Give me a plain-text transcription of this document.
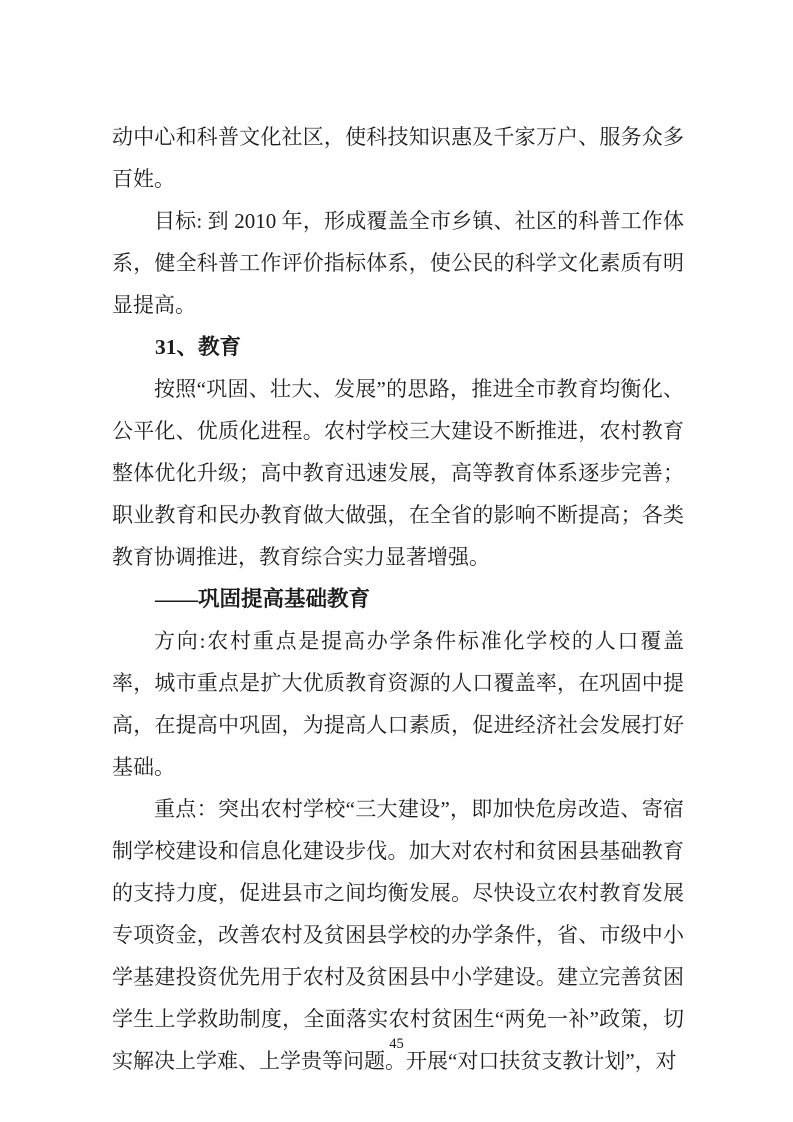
动中心和科普文化社区，使科技知识惠及千家万户、服务众多百姓。

目标: 到 2010 年，形成覆盖全市乡镇、社区的科普工作体系，健全科普工作评价指标体系，使公民的科学文化素质有明显提高。

31、教育

按照“巩固、壮大、发展”的思路，推进全市教育均衡化、公平化、优质化进程。农村学校三大建设不断推进，农村教育整体优化升级；高中教育迅速发展，高等教育体系逐步完善；职业教育和民办教育做大做强，在全省的影响不断提高；各类教育协调推进，教育综合实力显著增强。

——巩固提高基础教育

方向:农村重点是提高办学条件标准化学校的人口覆盖率，城市重点是扩大优质教育资源的人口覆盖率，在巩固中提高，在提高中巩固，为提高人口素质，促进经济社会发展打好基础。

重点：突出农村学校“三大建设”，即加快危房改造、寄宿制学校建设和信息化建设步伐。加大对农村和贫困县基础教育的支持力度，促进县市之间均衡发展。尽快设立农村教育发展专项资金，改善农村及贫困县学校的办学条件，省、市级中小学基建投资优先用于农村及贫困县中小学建设。建立完善贫困学生上学救助制度，全面落实农村贫困生“两免一补”政策，切实解决上学难、上学贵等问题。开展“对口扶贫支教计划”，对

45
